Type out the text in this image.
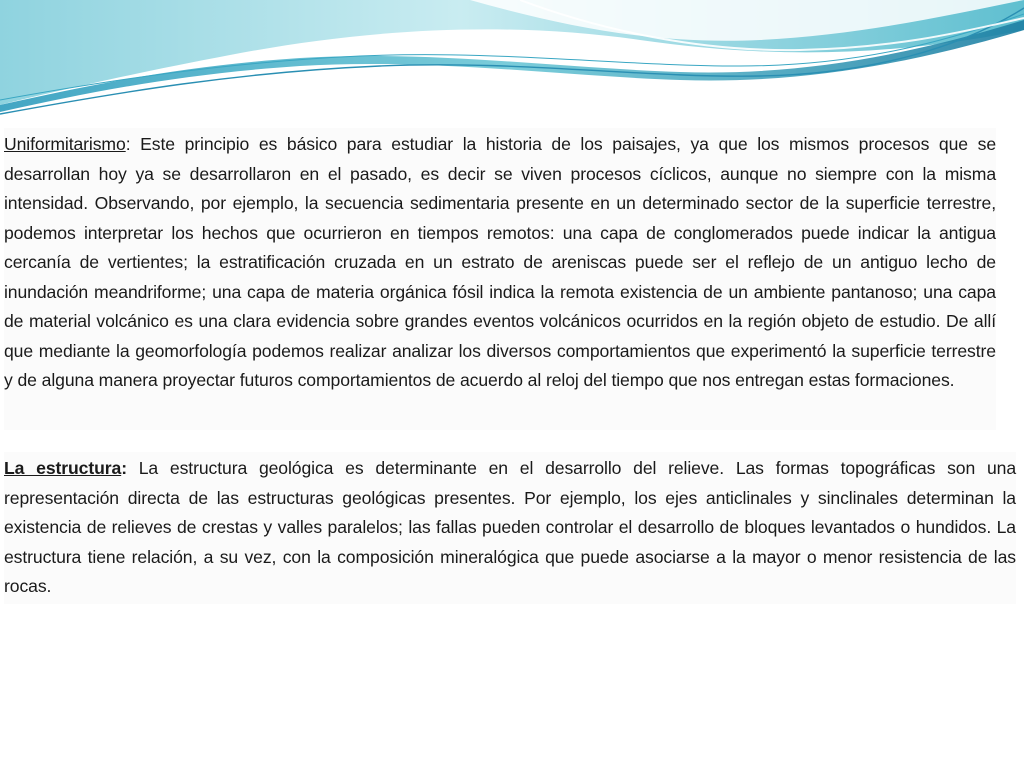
Uniformitarismo: Este principio es básico para estudiar la historia de los paisajes, ya que los mismos procesos que se desarrollan hoy ya se desarrollaron en el pasado, es decir se viven procesos cíclicos, aunque no siempre con la misma intensidad. Observando, por ejemplo, la secuencia sedimentaria presente en un determinado sector de la superficie terrestre, podemos interpretar los hechos que ocurrieron en tiempos remotos: una capa de conglomerados puede indicar la antigua cercanía de vertientes; la estratificación cruzada en un estrato de areniscas puede ser el reflejo de un antiguo lecho de inundación meandriforme; una capa de materia orgánica fósil indica la remota existencia de un ambiente pantanoso; una capa de material volcánico es una clara evidencia sobre grandes eventos volcánicos ocurridos en la región objeto de estudio. De allí que mediante la geomorfología podemos realizar analizar los diversos comportamientos que experimentó la superficie terrestre y de alguna manera proyectar futuros comportamientos de acuerdo al reloj del tiempo que nos entregan estas formaciones.
La estructura: La estructura geológica es determinante en el desarrollo del relieve. Las formas topográficas son una representación directa de las estructuras geológicas presentes. Por ejemplo, los ejes anticlinales y sinclinales determinan la existencia de relieves de crestas y valles paralelos; las fallas pueden controlar el desarrollo de bloques levantados o hundidos. La estructura tiene relación, a su vez, con la composición mineralógica que puede asociarse a la mayor o menor resistencia de las rocas.
